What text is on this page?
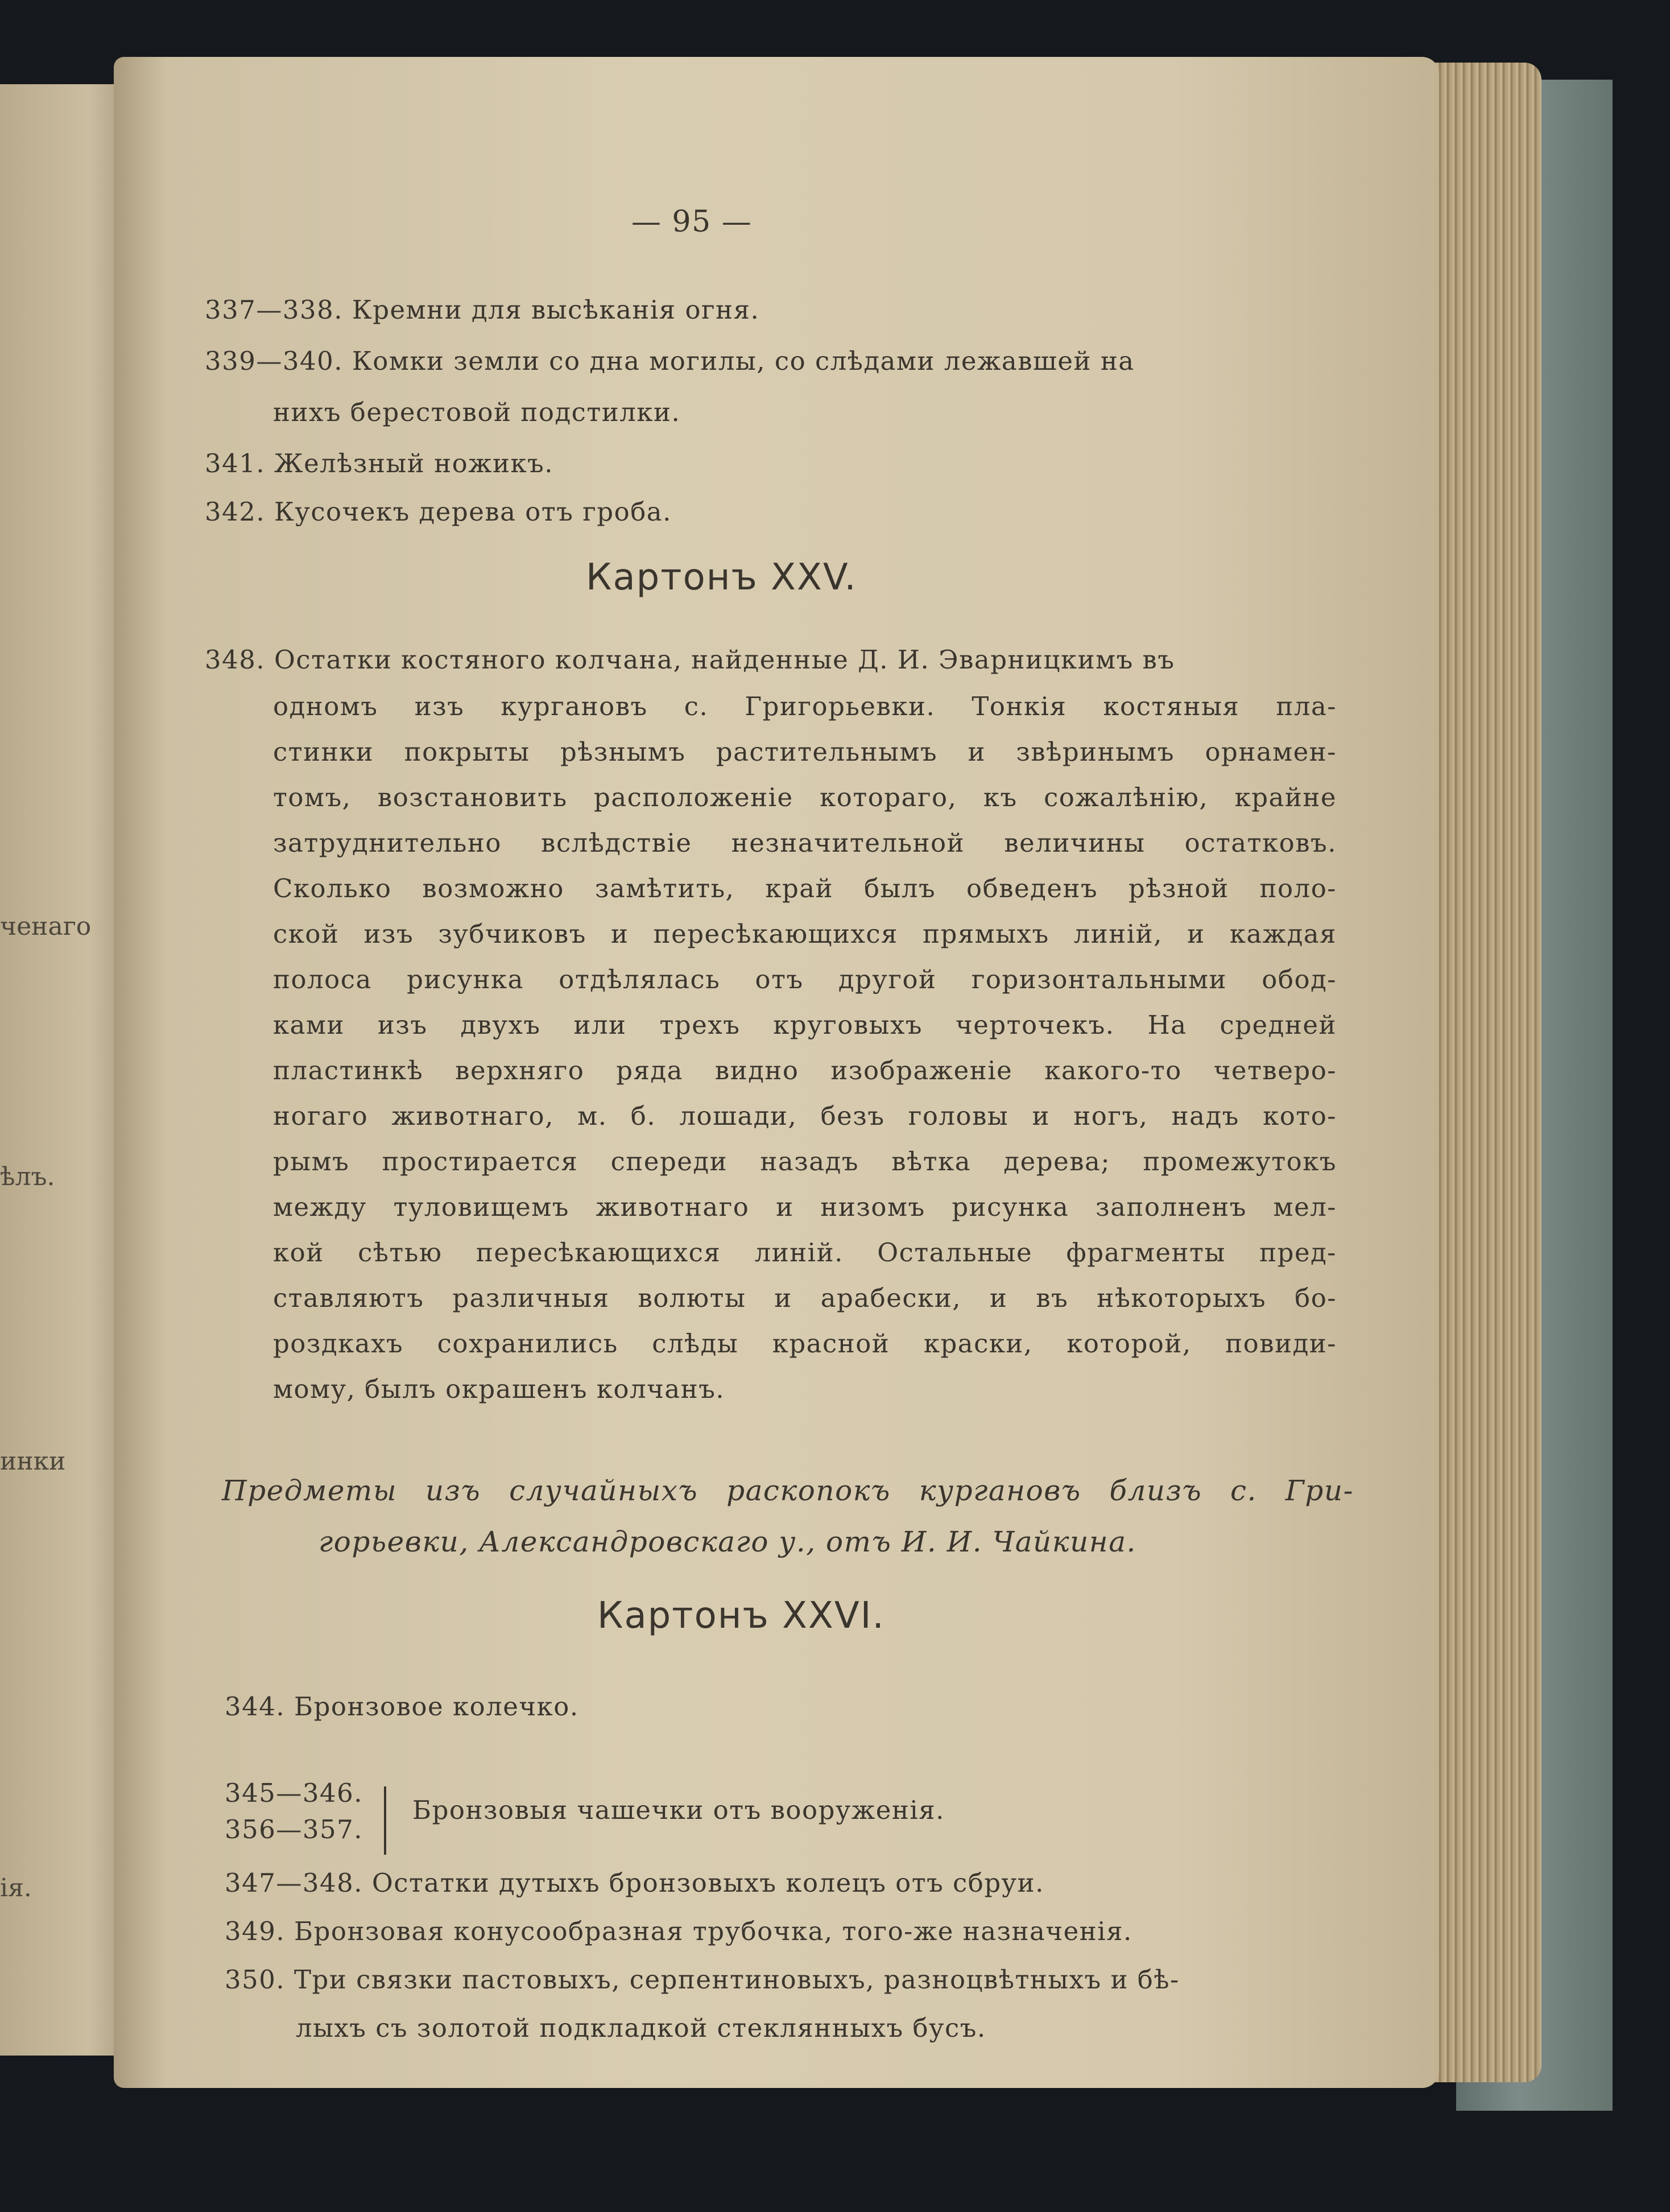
ченаго
ѣлъ.
инки
ія.
— 95 —
337—338. Кремни для высѣканія огня.
339—340. Комки земли со дна могилы, со слѣдами лежавшей на
нихъ берестовой подстилки.
341. Желѣзный ножикъ.
342. Кусочекъ дерева отъ гроба.
Картонъ XXV.
348. Остатки костяного колчана, найденные Д. И. Эварницкимъ въ
одномъ изъ кургановъ с. Григорьевки. Тонкія костяныя пла-
стинки покрыты рѣзнымъ растительнымъ и звѣринымъ орнамен-
томъ, возстановить расположеніе котораго, къ сожалѣнію, крайне
затруднительно вслѣдствіе незначительной величины остатковъ.
Сколько возможно замѣтить, край былъ обведенъ рѣзной поло-
ской изъ зубчиковъ и пересѣкающихся прямыхъ линій, и каждая
полоса рисунка отдѣлялась отъ другой горизонтальными обод-
ками изъ двухъ или трехъ круговыхъ черточекъ. На средней
пластинкѣ верхняго ряда видно изображеніе какого-то четверо-
ногаго животнаго, м. б. лошади, безъ головы и ногъ, надъ кото-
рымъ простирается спереди назадъ вѣтка дерева; промежутокъ
между туловищемъ животнаго и низомъ рисунка заполненъ мел-
кой сѣтью пересѣкающихся линій. Остальные фрагменты пред-
ставляютъ различныя волюты и арабески, и въ нѣкоторыхъ бо-
роздкахъ сохранились слѣды красной краски, которой, повиди-
мому, былъ окрашенъ колчанъ.
Предметы изъ случайныхъ раскопокъ кургановъ близъ с. Гри-
горьевки, Александровскаго у., отъ И. И. Чайкина.
Картонъ XXVI.
344. Бронзовое колечко.
345—346.
356—357.
Бронзовыя чашечки отъ вооруженія.
347—348. Остатки дутыхъ бронзовыхъ колецъ отъ сбруи.
349. Бронзовая конусообразная трубочка, того-же назначенія.
350. Три связки пастовыхъ, серпентиновыхъ, разноцвѣтныхъ и бѣ-
лыхъ съ золотой подкладкой стеклянныхъ бусъ.
